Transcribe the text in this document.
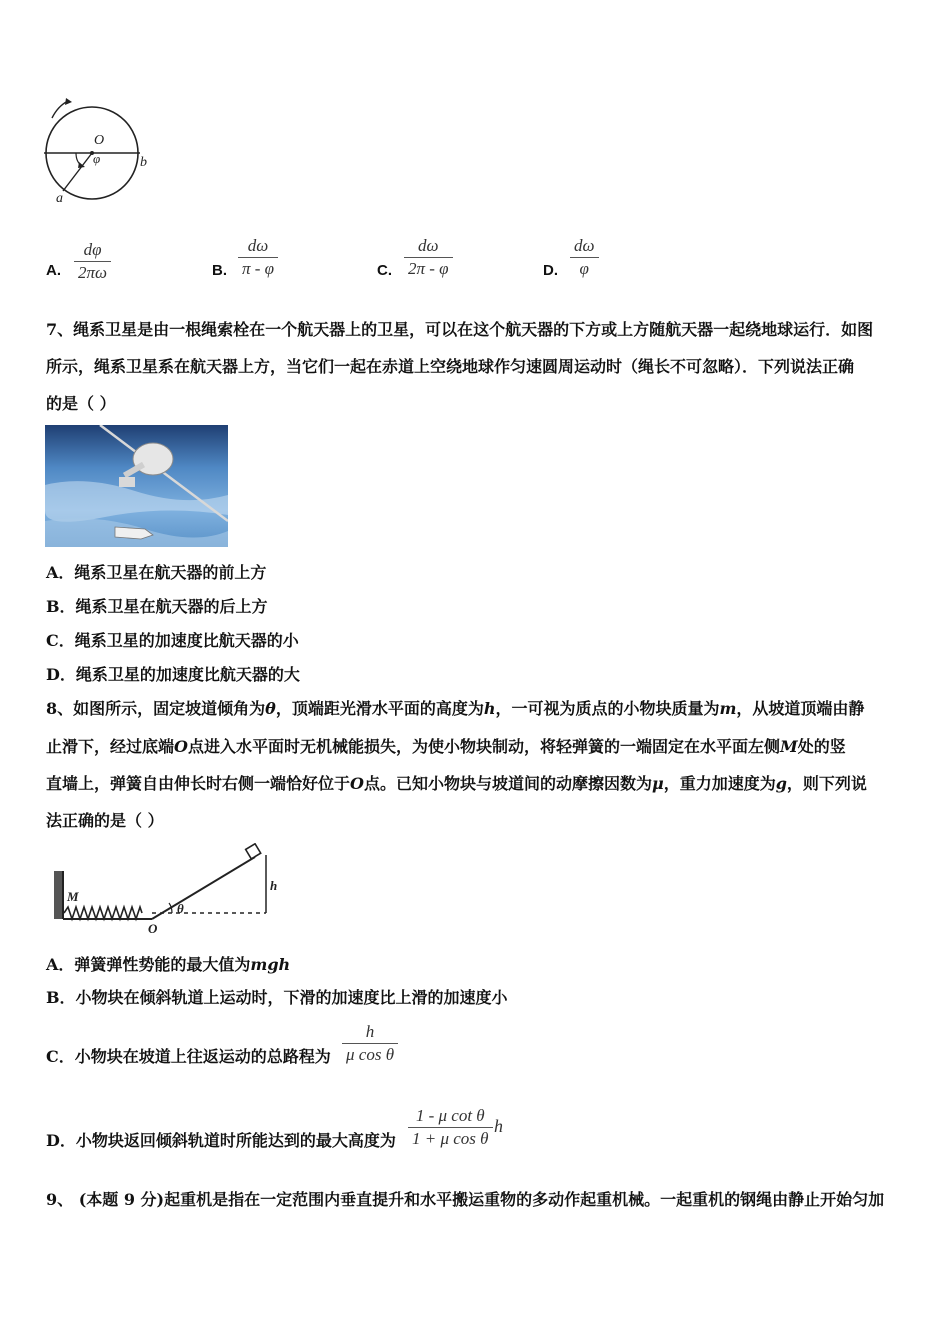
O
φ	b
a
A.
dφ
2πω	B.
dω
π - φ	C.
dω
2π - φ	D.
dω
φ
7、绳系卫星是由一根绳索栓在一个航天器上的卫星，可以在这个航天器的下方或上方随航天器一起绕地球运行．如图
所示，绳系卫星系在航天器上方，当它们一起在赤道上空绕地球作匀速圆周运动时（绳长不可忽略）．下列说法正确
的是（ ）
A．绳系卫星在航天器的前上方
B．绳系卫星在航天器的后上方
C．绳系卫星的加速度比航天器的小
D．绳系卫星的加速度比航天器的大
8、如图所示，固定坡道倾角为θ，顶端距光滑水平面的高度为h，一可视为质点的小物块质量为m，从坡道顶端由静
止滑下，经过底端O点进入水平面时无机械能损失，为使小物块制动，将轻弹簧的一端固定在水平面左侧M处的竖
直墙上，弹簧自由伸长时右侧一端恰好位于O点。已知小物块与坡道间的动摩擦因数为μ，重力加速度为g，则下列说
法正确的是（ ）
M
O
θ
h
A．弹簧弹性势能的最大值为mgh
B．小物块在倾斜轨道上运动时，下滑的加速度比上滑的加速度小
C．小物块在坡道上往返运动的总路程为
h
μ cos θ
D．小物块返回倾斜轨道时所能达到的最大高度为
1 - μ cot θ
1 + μ cos θ
h
9、 (本题 9 分)起重机是指在一定范围内垂直提升和水平搬运重物的多动作起重机械。一起重机的钢绳由静止开始匀加
